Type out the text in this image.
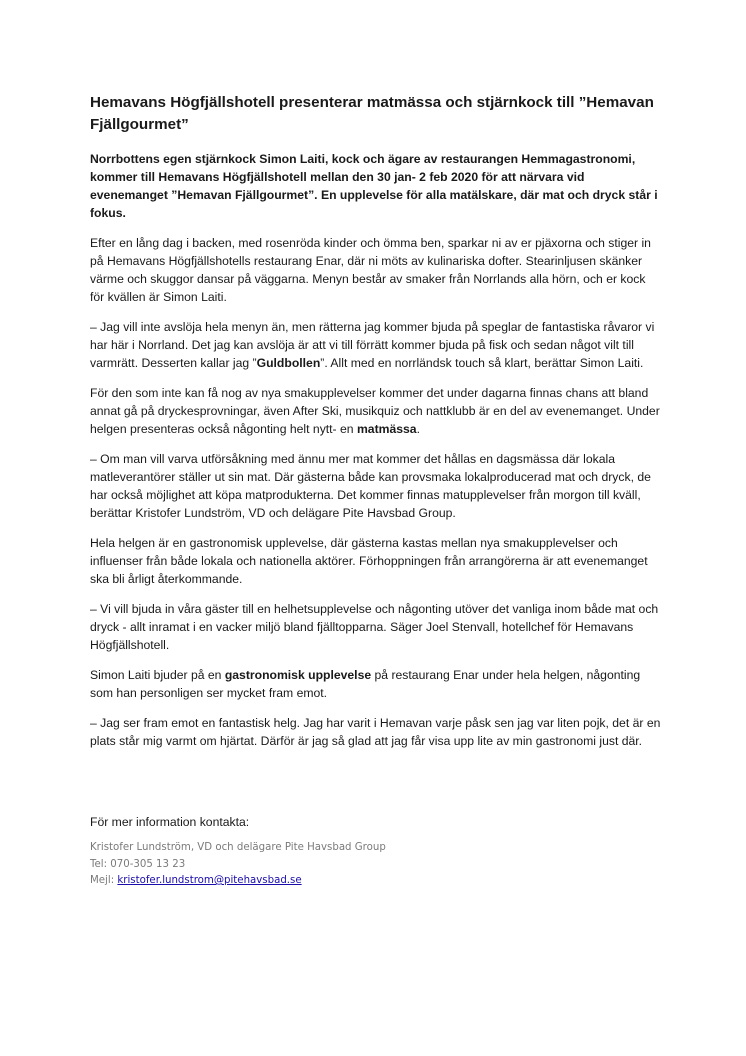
Hemavans Högfjällshotell presenterar matmässa och stjärnkock till ”Hemavan Fjällgourmet”

Norrbottens egen stjärnkock Simon Laiti, kock och ägare av restaurangen Hemmagastronomi, kommer till Hemavans Högfjällshotell mellan den 30 jan- 2 feb 2020 för att närvara vid evenemanget ”Hemavan Fjällgourmet”. En upplevelse för alla matälskare, där mat och dryck står i fokus.

Efter en lång dag i backen, med rosenröda kinder och ömma ben, sparkar ni av er pjäxorna och stiger in på Hemavans Högfjällshotells restaurang Enar, där ni möts av kulinariska dofter. Stearinljusen skänker värme och skuggor dansar på väggarna. Menyn består av smaker från Norrlands alla hörn, och er kock för kvällen är Simon Laiti.

– Jag vill inte avslöja hela menyn än, men rätterna jag kommer bjuda på speglar de fantastiska råvaror vi har här i Norrland. Det jag kan avslöja är att vi till förrätt kommer bjuda på fisk och sedan något vilt till varmrätt. Desserten kallar jag ”Guldbollen”. Allt med en norrländsk touch så klart, berättar Simon Laiti.

För den som inte kan få nog av nya smakupplevelser kommer det under dagarna finnas chans att bland annat gå på dryckesprovningar, även After Ski, musikquiz och nattklubb är en del av evenemanget. Under helgen presenteras också någonting helt nytt- en matmässa.

– Om man vill varva utförsåkning med ännu mer mat kommer det hållas en dagsmässa där lokala matleverantörer ställer ut sin mat. Där gästerna både kan provsmaka lokalproducerad mat och dryck, de har också möjlighet att köpa matprodukterna. Det kommer finnas matupplevelser från morgon till kväll, berättar Kristofer Lundström, VD och delägare Pite Havsbad Group.

Hela helgen är en gastronomisk upplevelse, där gästerna kastas mellan nya smakupplevelser och influenser från både lokala och nationella aktörer. Förhoppningen från arrangörerna är att evenemanget ska bli årligt återkommande.

– Vi vill bjuda in våra gäster till en helhetsupplevelse och någonting utöver det vanliga inom både mat och dryck - allt inramat i en vacker miljö bland fjälltopparna. Säger Joel Stenvall, hotellchef för Hemavans Högfjällshotell.

Simon Laiti bjuder på en gastronomisk upplevelse på restaurang Enar under hela helgen, någonting som han personligen ser mycket fram emot.

– Jag ser fram emot en fantastisk helg. Jag har varit i Hemavan varje påsk sen jag var liten pojk, det är en plats står mig varmt om hjärtat. Därför är jag så glad att jag får visa upp lite av min gastronomi just där.

För mer information kontakta:
Kristofer Lundström, VD och delägare Pite Havsbad Group
Tel: 070-305 13 23
Mejl: kristofer.lundstrom@pitehavsbad.se
